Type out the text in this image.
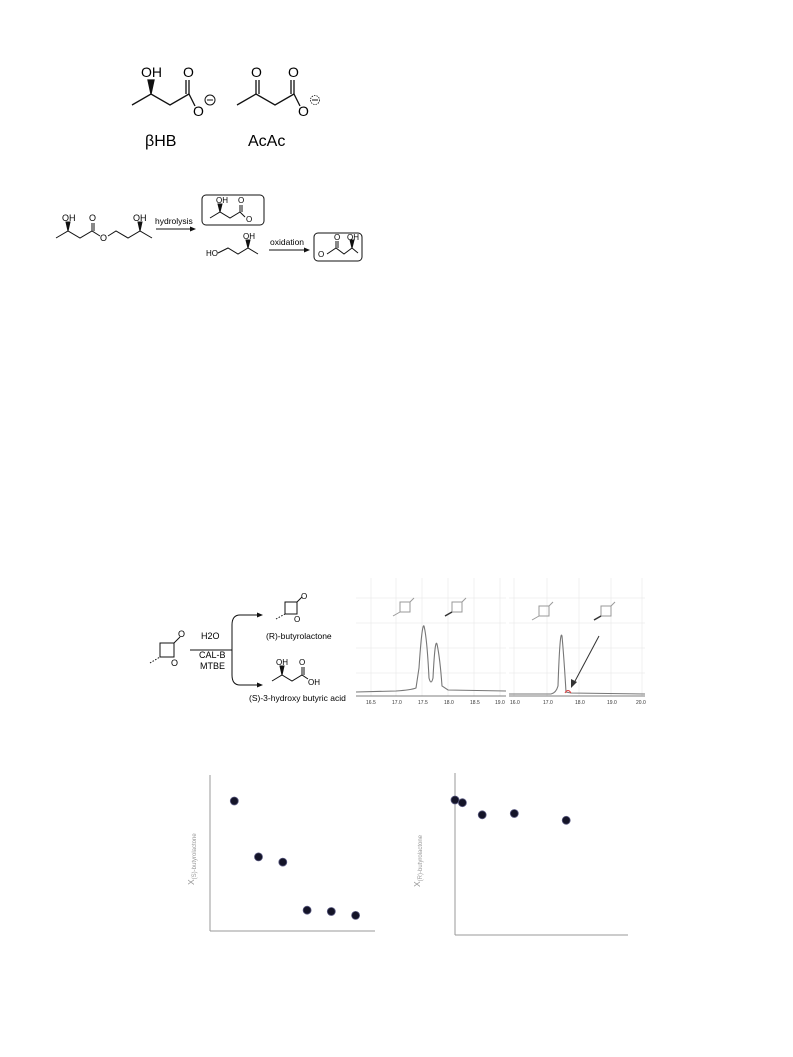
OH O
O
βHB
O O
O
AcAc
OH O
O
OH hydrolysis
OH O
O
OH
HO
oxidation
O
O OH
O
O
H2O
CAL-B
MTBE
O
O
(R)-butyrolactone
OH O
OH
(S)-3-hydroxy butyric acid	16.5	17.0	17.5	18.0	18.5	19.0 16.0	17.0	18.0	19.0	20.0
$X_{(S)-butyrolactone}$
$X_{(R)-butyrolactone}$
